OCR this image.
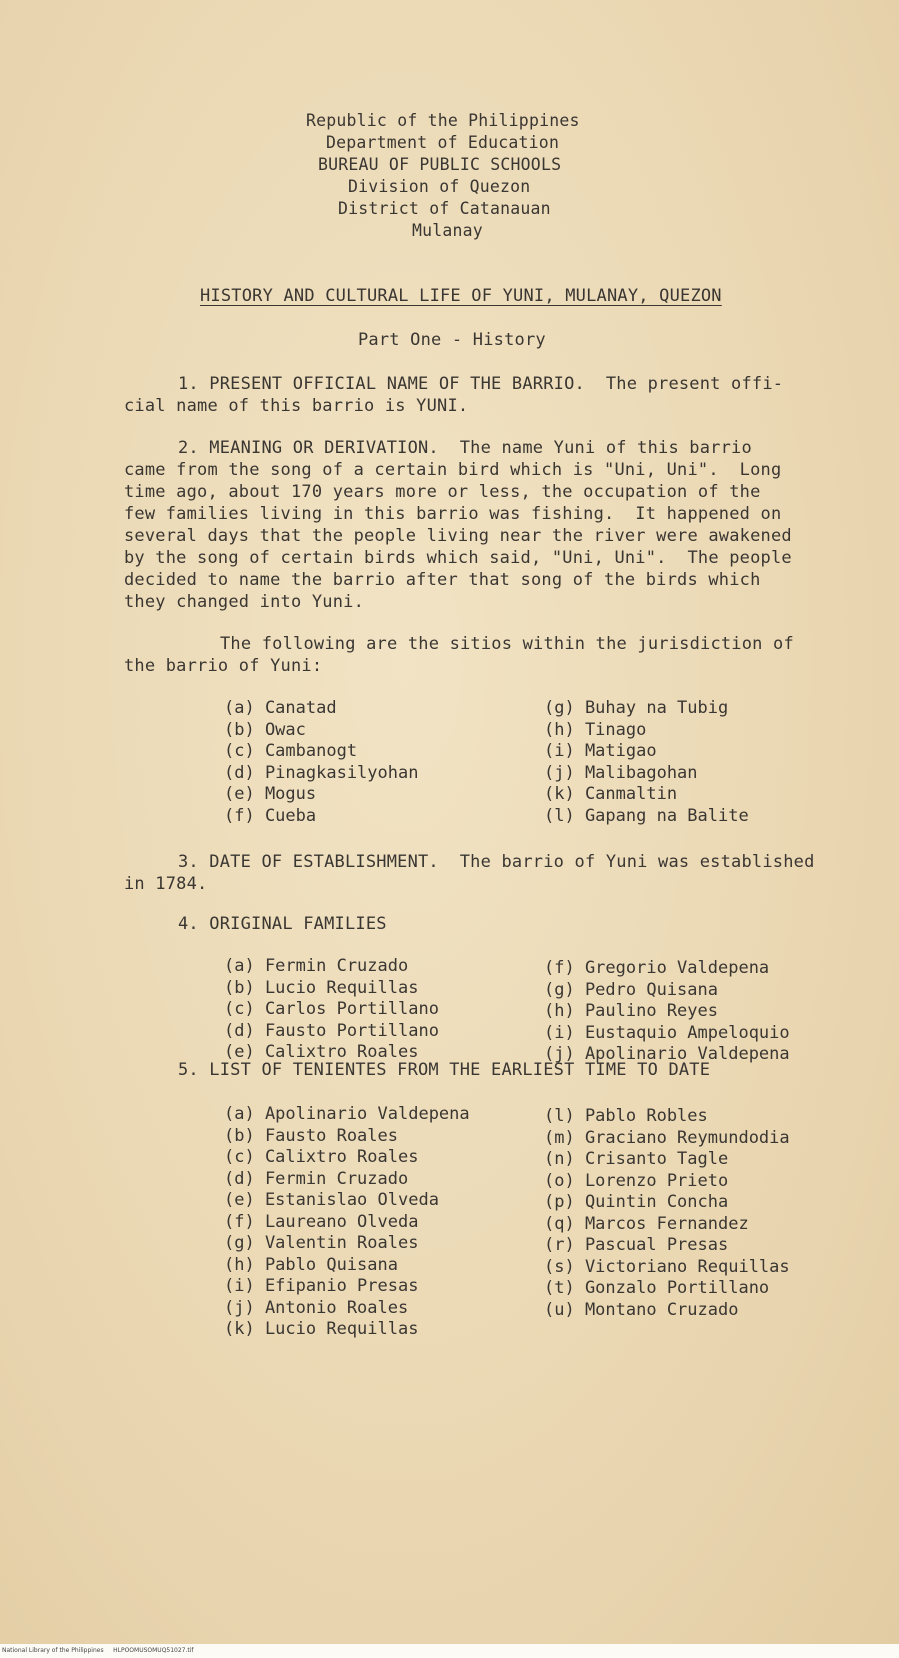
Republic of the Philippines
Department of Education
BUREAU OF PUBLIC SCHOOLS
Division of Quezon
District of Catanauan
Mulanay
HISTORY AND CULTURAL LIFE OF YUNI, MULANAY, QUEZON
Part One - History
1. PRESENT OFFICIAL NAME OF THE BARRIO.  The present offi-
cial name of this barrio is YUNI.
2. MEANING OR DERIVATION.  The name Yuni of this barrio
came from the song of a certain bird which is "Uni, Uni".  Long
time ago, about 170 years more or less, the occupation of the
few families living in this barrio was fishing.  It happened on
several days that the people living near the river were awakened
by the song of certain birds which said, "Uni, Uni".  The people
decided to name the barrio after that song of the birds which
they changed into Yuni.
The following are the sitios within the jurisdiction of
the barrio of Yuni:
(a) Canatad
(b) Owac
(c) Cambanogt
(d) Pinagkasilyohan
(e) Mogus
(f) Cueba
(g) Buhay na Tubig
(h) Tinago
(i) Matigao
(j) Malibagohan
(k) Canmaltin
(l) Gapang na Balite
3. DATE OF ESTABLISHMENT.  The barrio of Yuni was established
in 1784.
4. ORIGINAL FAMILIES
(a) Fermin Cruzado
(b) Lucio Requillas
(c) Carlos Portillano
(d) Fausto Portillano
(e) Calixtro Roales
(f) Gregorio Valdepena
(g) Pedro Quisana
(h) Paulino Reyes
(i) Eustaquio Ampeloquio
(j) Apolinario Valdepena
5. LIST OF TENIENTES FROM THE EARLIEST TIME TO DATE
(a) Apolinario Valdepena
(b) Fausto Roales
(c) Calixtro Roales
(d) Fermin Cruzado
(e) Estanislao Olveda
(f) Laureano Olveda
(g) Valentin Roales
(h) Pablo Quisana
(i) Efipanio Presas
(j) Antonio Roales
(k) Lucio Requillas
(l) Pablo Robles
(m) Graciano Reymundodia
(n) Crisanto Tagle
(o) Lorenzo Prieto
(p) Quintin Concha
(q) Marcos Fernandez
(r) Pascual Presas
(s) Victoriano Requillas
(t) Gonzalo Portillano
(u) Montano Cruzado
National Library of the Philippines     HLPOOMUSOMUQ51027.tif
